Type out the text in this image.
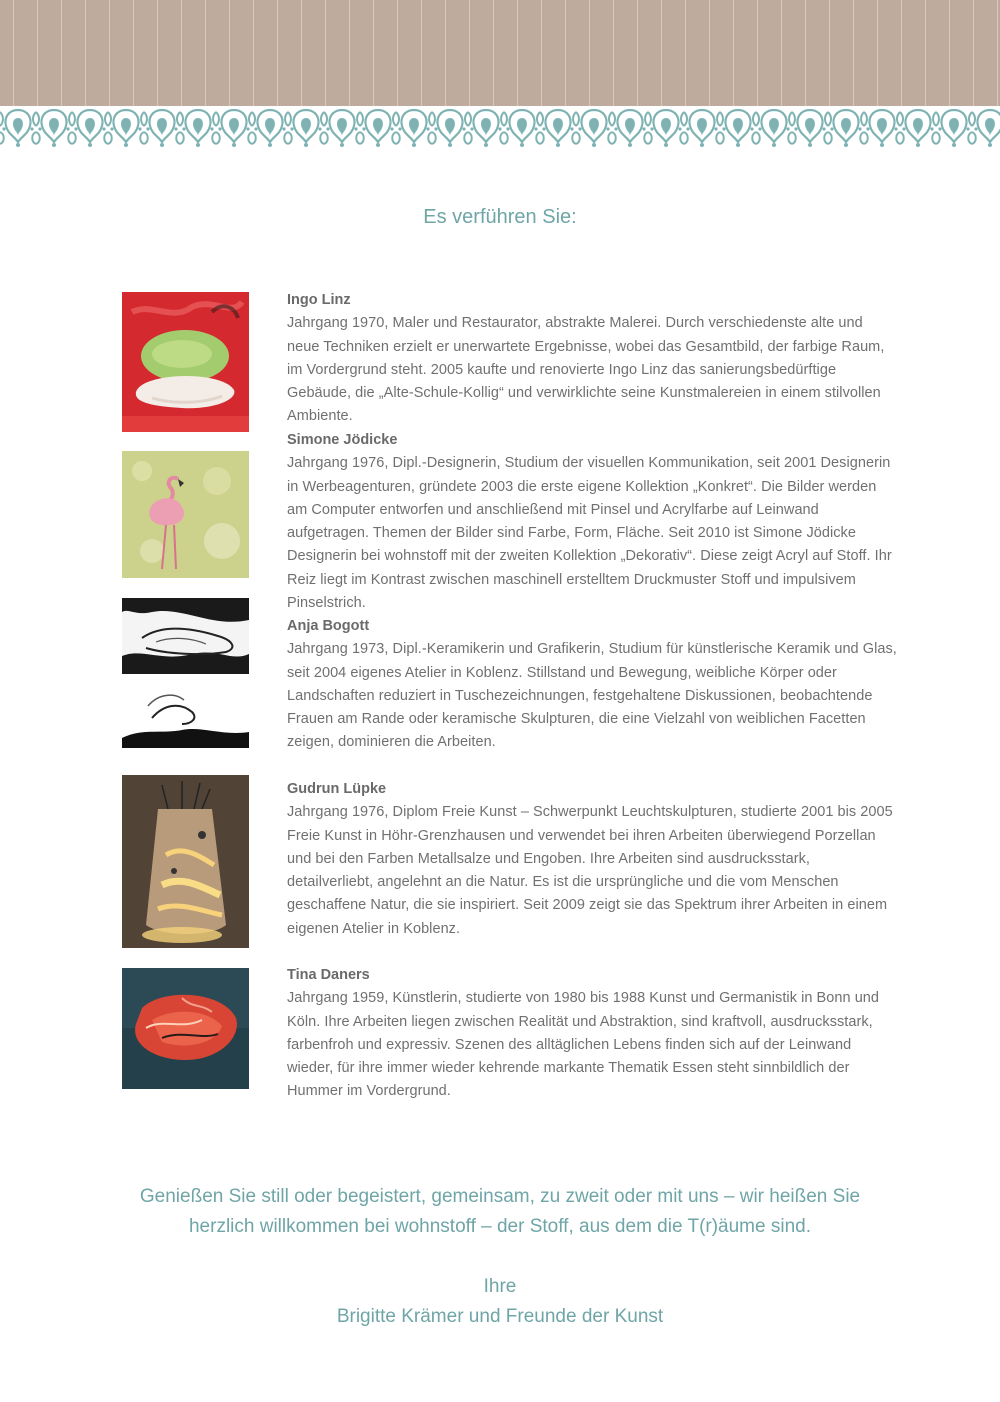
Es verführen Sie:
Ingo Linz

Jahrgang 1970, Maler und Restaurator, abstrakte Malerei. Durch verschiedenste alte und neue Techniken erzielt er unerwartete Ergebnisse, wobei das Gesamtbild, der farbige Raum, im Vordergrund steht. 2005 kaufte und renovierte Ingo Linz das sanierungsbedürftige Gebäude, die „Alte-Schule-Kollig“ und verwirklichte seine Kunstmalereien in einem stilvollen Ambiente.

Simone Jödicke

Jahrgang 1976, Dipl.-Designerin, Studium der visuellen Kommunikation, seit 2001 Designerin in Werbeagenturen, gründete 2003 die erste eigene Kollektion „Konkret“. Die Bilder werden am Computer entworfen und anschließend mit Pinsel und Acrylfarbe auf Leinwand aufgetragen. Themen der Bilder sind Farbe, Form, Fläche. Seit 2010 ist Simone Jödicke Designerin bei wohnstoff mit der zweiten Kollektion „Dekorativ“. Diese zeigt Acryl auf Stoff. Ihr Reiz liegt im Kontrast zwischen maschinell erstelltem Druckmuster Stoff und impulsivem Pinselstrich.

Anja Bogott

Jahrgang 1973, Dipl.-Keramikerin und Grafikerin, Studium für künstlerische Keramik und Glas, seit 2004 eigenes Atelier in Koblenz. Stillstand und Bewegung, weibliche Körper oder Landschaften reduziert in Tuschezeichnungen, festgehaltene Diskussionen, beobachtende Frauen am Rande oder keramische Skulpturen, die eine Vielzahl von weiblichen Facetten zeigen, dominieren die Arbeiten.

Gudrun Lüpke

Jahrgang 1976, Diplom Freie Kunst – Schwerpunkt Leuchtskulpturen, studierte 2001 bis 2005 Freie Kunst in Höhr-Grenzhausen und verwendet bei ihren Arbeiten überwiegend Porzellan und bei den Farben Metallsalze und Engoben. Ihre Arbeiten sind ausdrucksstark, detailverliebt, angelehnt an die Natur. Es ist die ursprüngliche und die vom Menschen geschaffene Natur, die sie inspiriert. Seit 2009 zeigt sie das Spektrum ihrer Arbeiten in einem eigenen Atelier in Koblenz.

Tina Daners

Jahrgang 1959, Künstlerin, studierte von 1980 bis 1988 Kunst und Germanistik in Bonn und Köln. Ihre Arbeiten liegen zwischen Realität und Abstraktion, sind kraftvoll, ausdrucksstark, farbenfroh und expressiv. Szenen des alltäglichen Lebens finden sich auf der Leinwand wieder, für ihre immer wieder kehrende markante Thematik Essen steht sinnbildlich der Hummer im Vordergrund.

Genießen Sie still oder begeistert, gemeinsam, zu zweit oder mit uns – wir heißen Sie

herzlich willkommen bei wohnstoff – der Stoff, aus dem die T(r)äume sind.

Ihre

Brigitte Krämer und Freunde der Kunst
